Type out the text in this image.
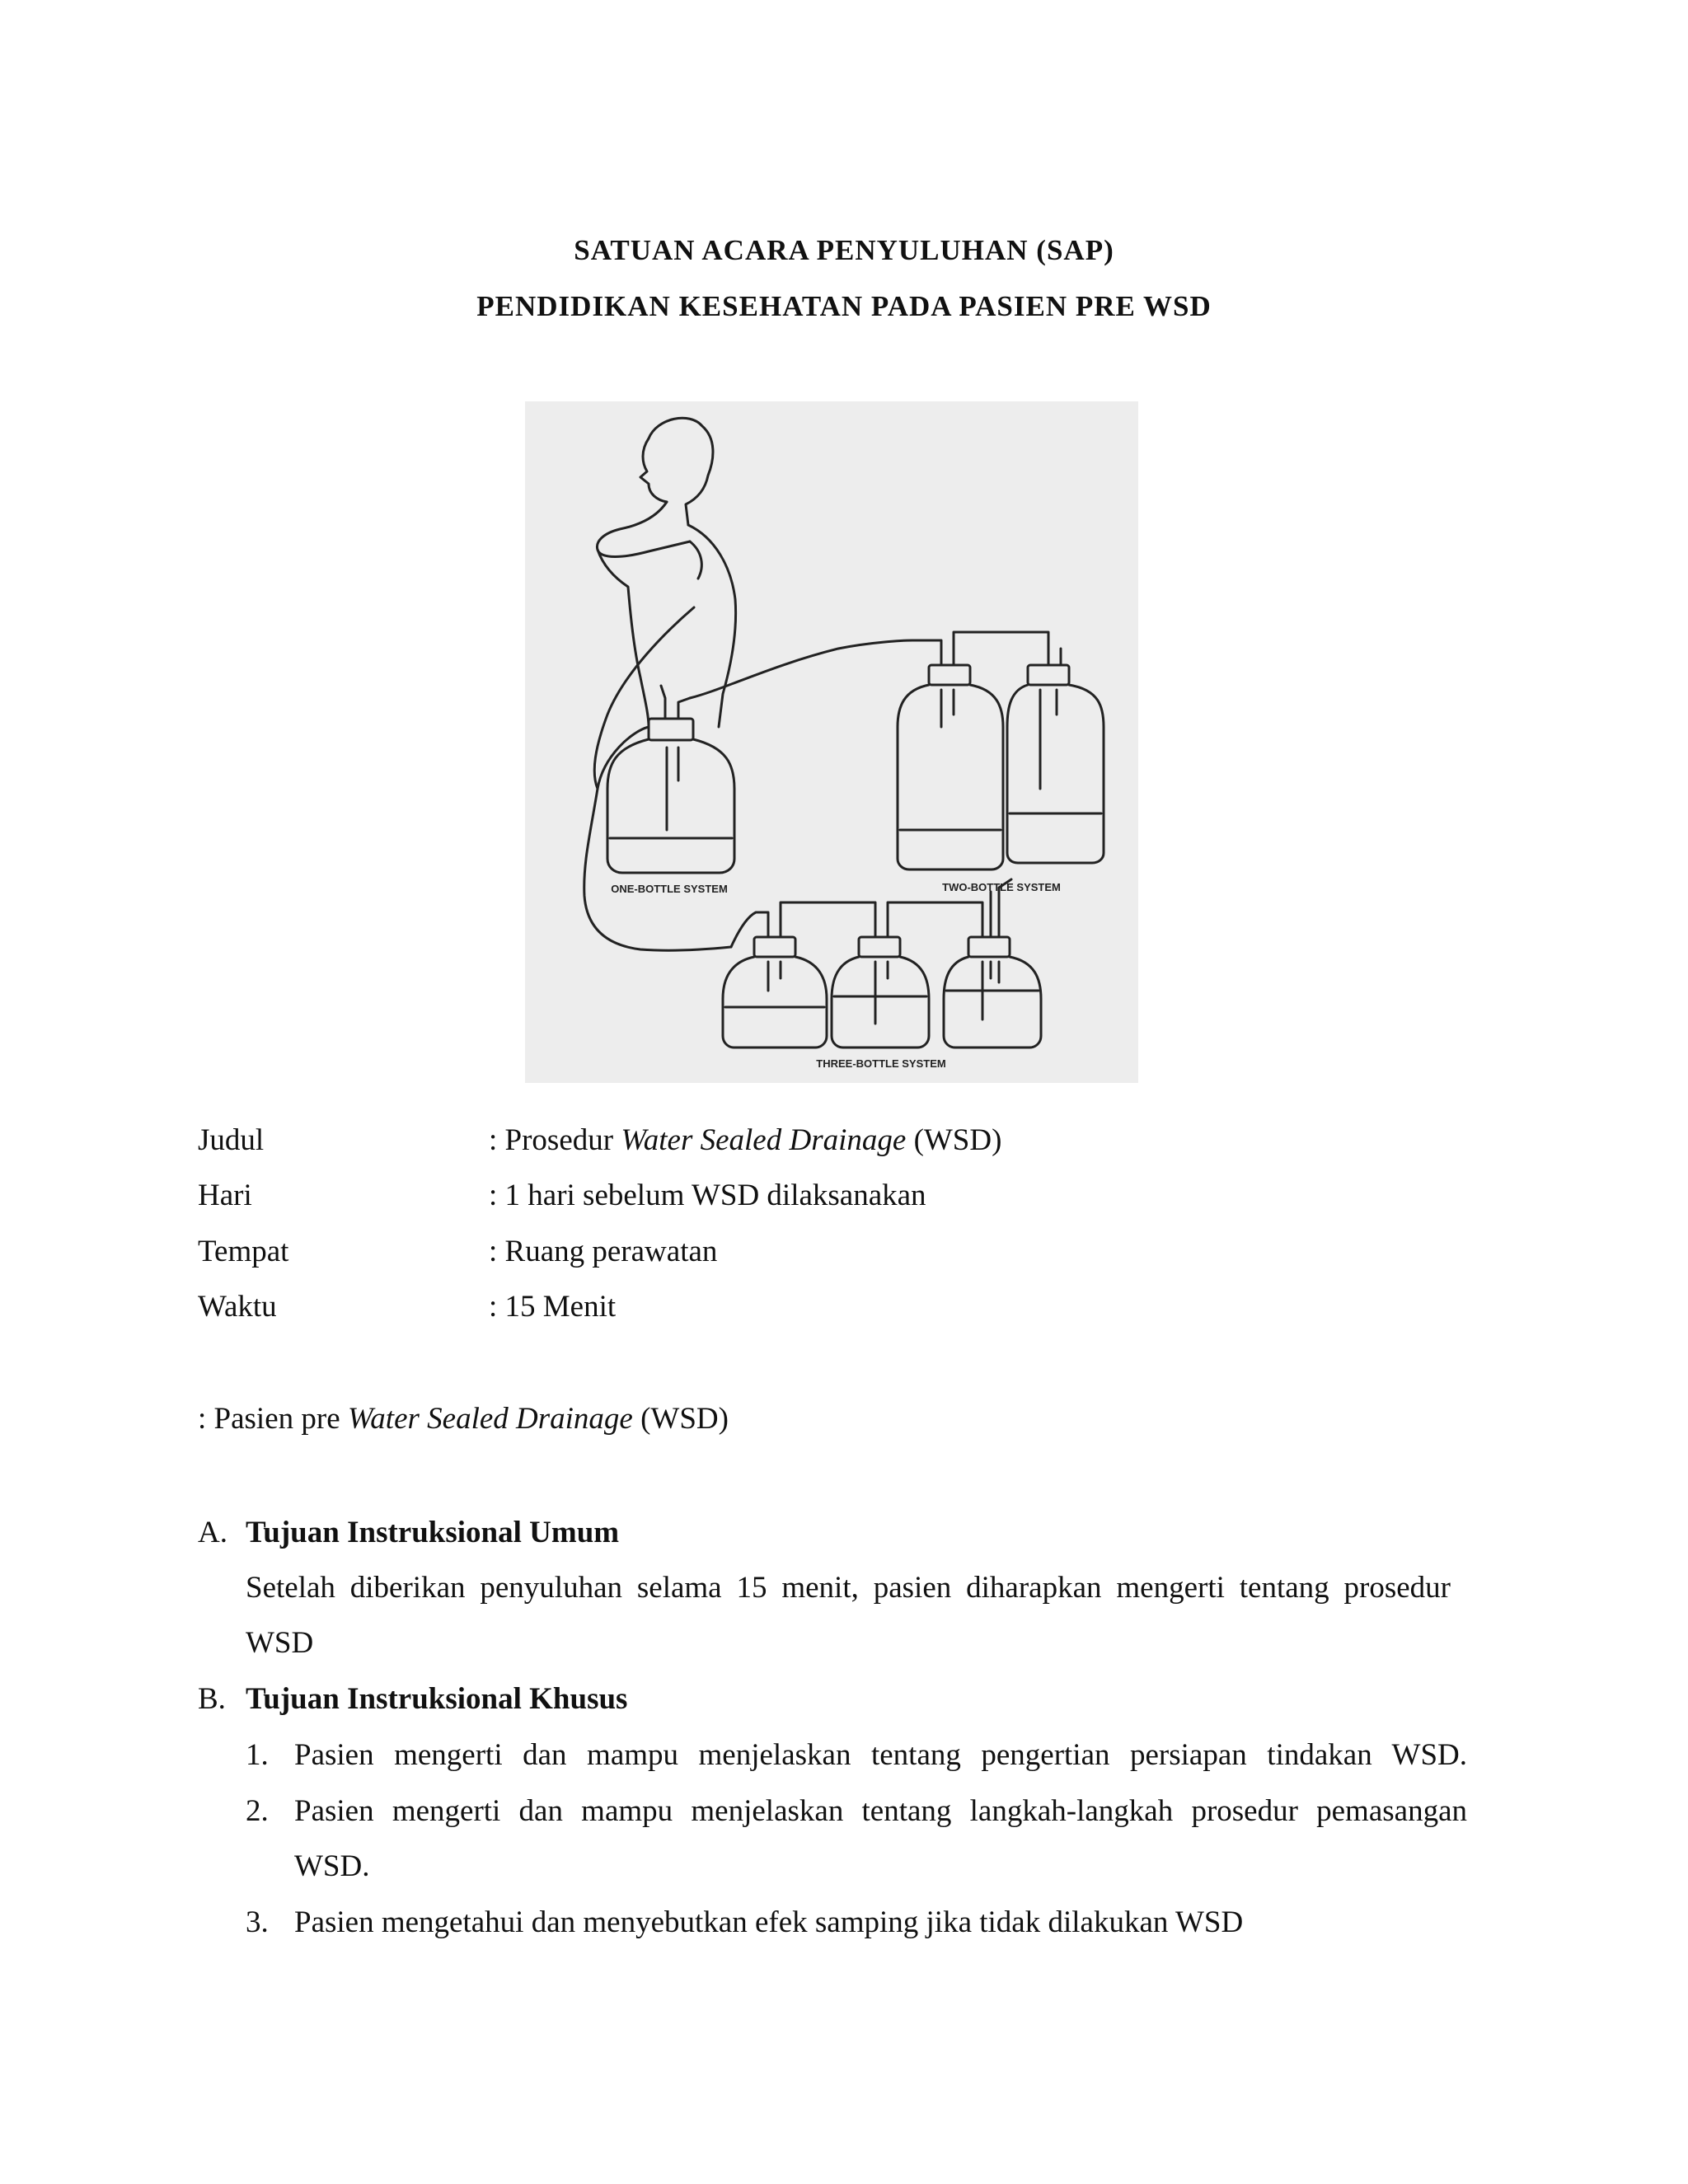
SATUAN ACARA PENYULUHAN (SAP)
PENDIDIKAN KESEHATAN PADA PASIEN PRE WSD
ONE-BOTTLE SYSTEM	TWO-BOTTLE SYSTEM
THREE-BOTTLE SYSTEM
Judul	: Prosedur Water Sealed Drainage (WSD)
Hari	: 1 hari sebelum WSD dilaksanakan
Tempat	: Ruang perawatan
Waktu	: 15 Menit
: Pasien pre Water Sealed Drainage (WSD)
A. Tujuan Instruksional Umum
Setelah diberikan penyuluhan selama 15 menit, pasien diharapkan mengerti tentang prosedur
WSD
B. Tujuan Instruksional Khusus
1. Pasien mengerti dan mampu menjelaskan tentang pengertian persiapan tindakan WSD.
2. Pasien mengerti dan mampu menjelaskan tentang langkah-langkah prosedur pemasangan
WSD.
3. Pasien mengetahui dan menyebutkan efek samping jika tidak dilakukan WSD
